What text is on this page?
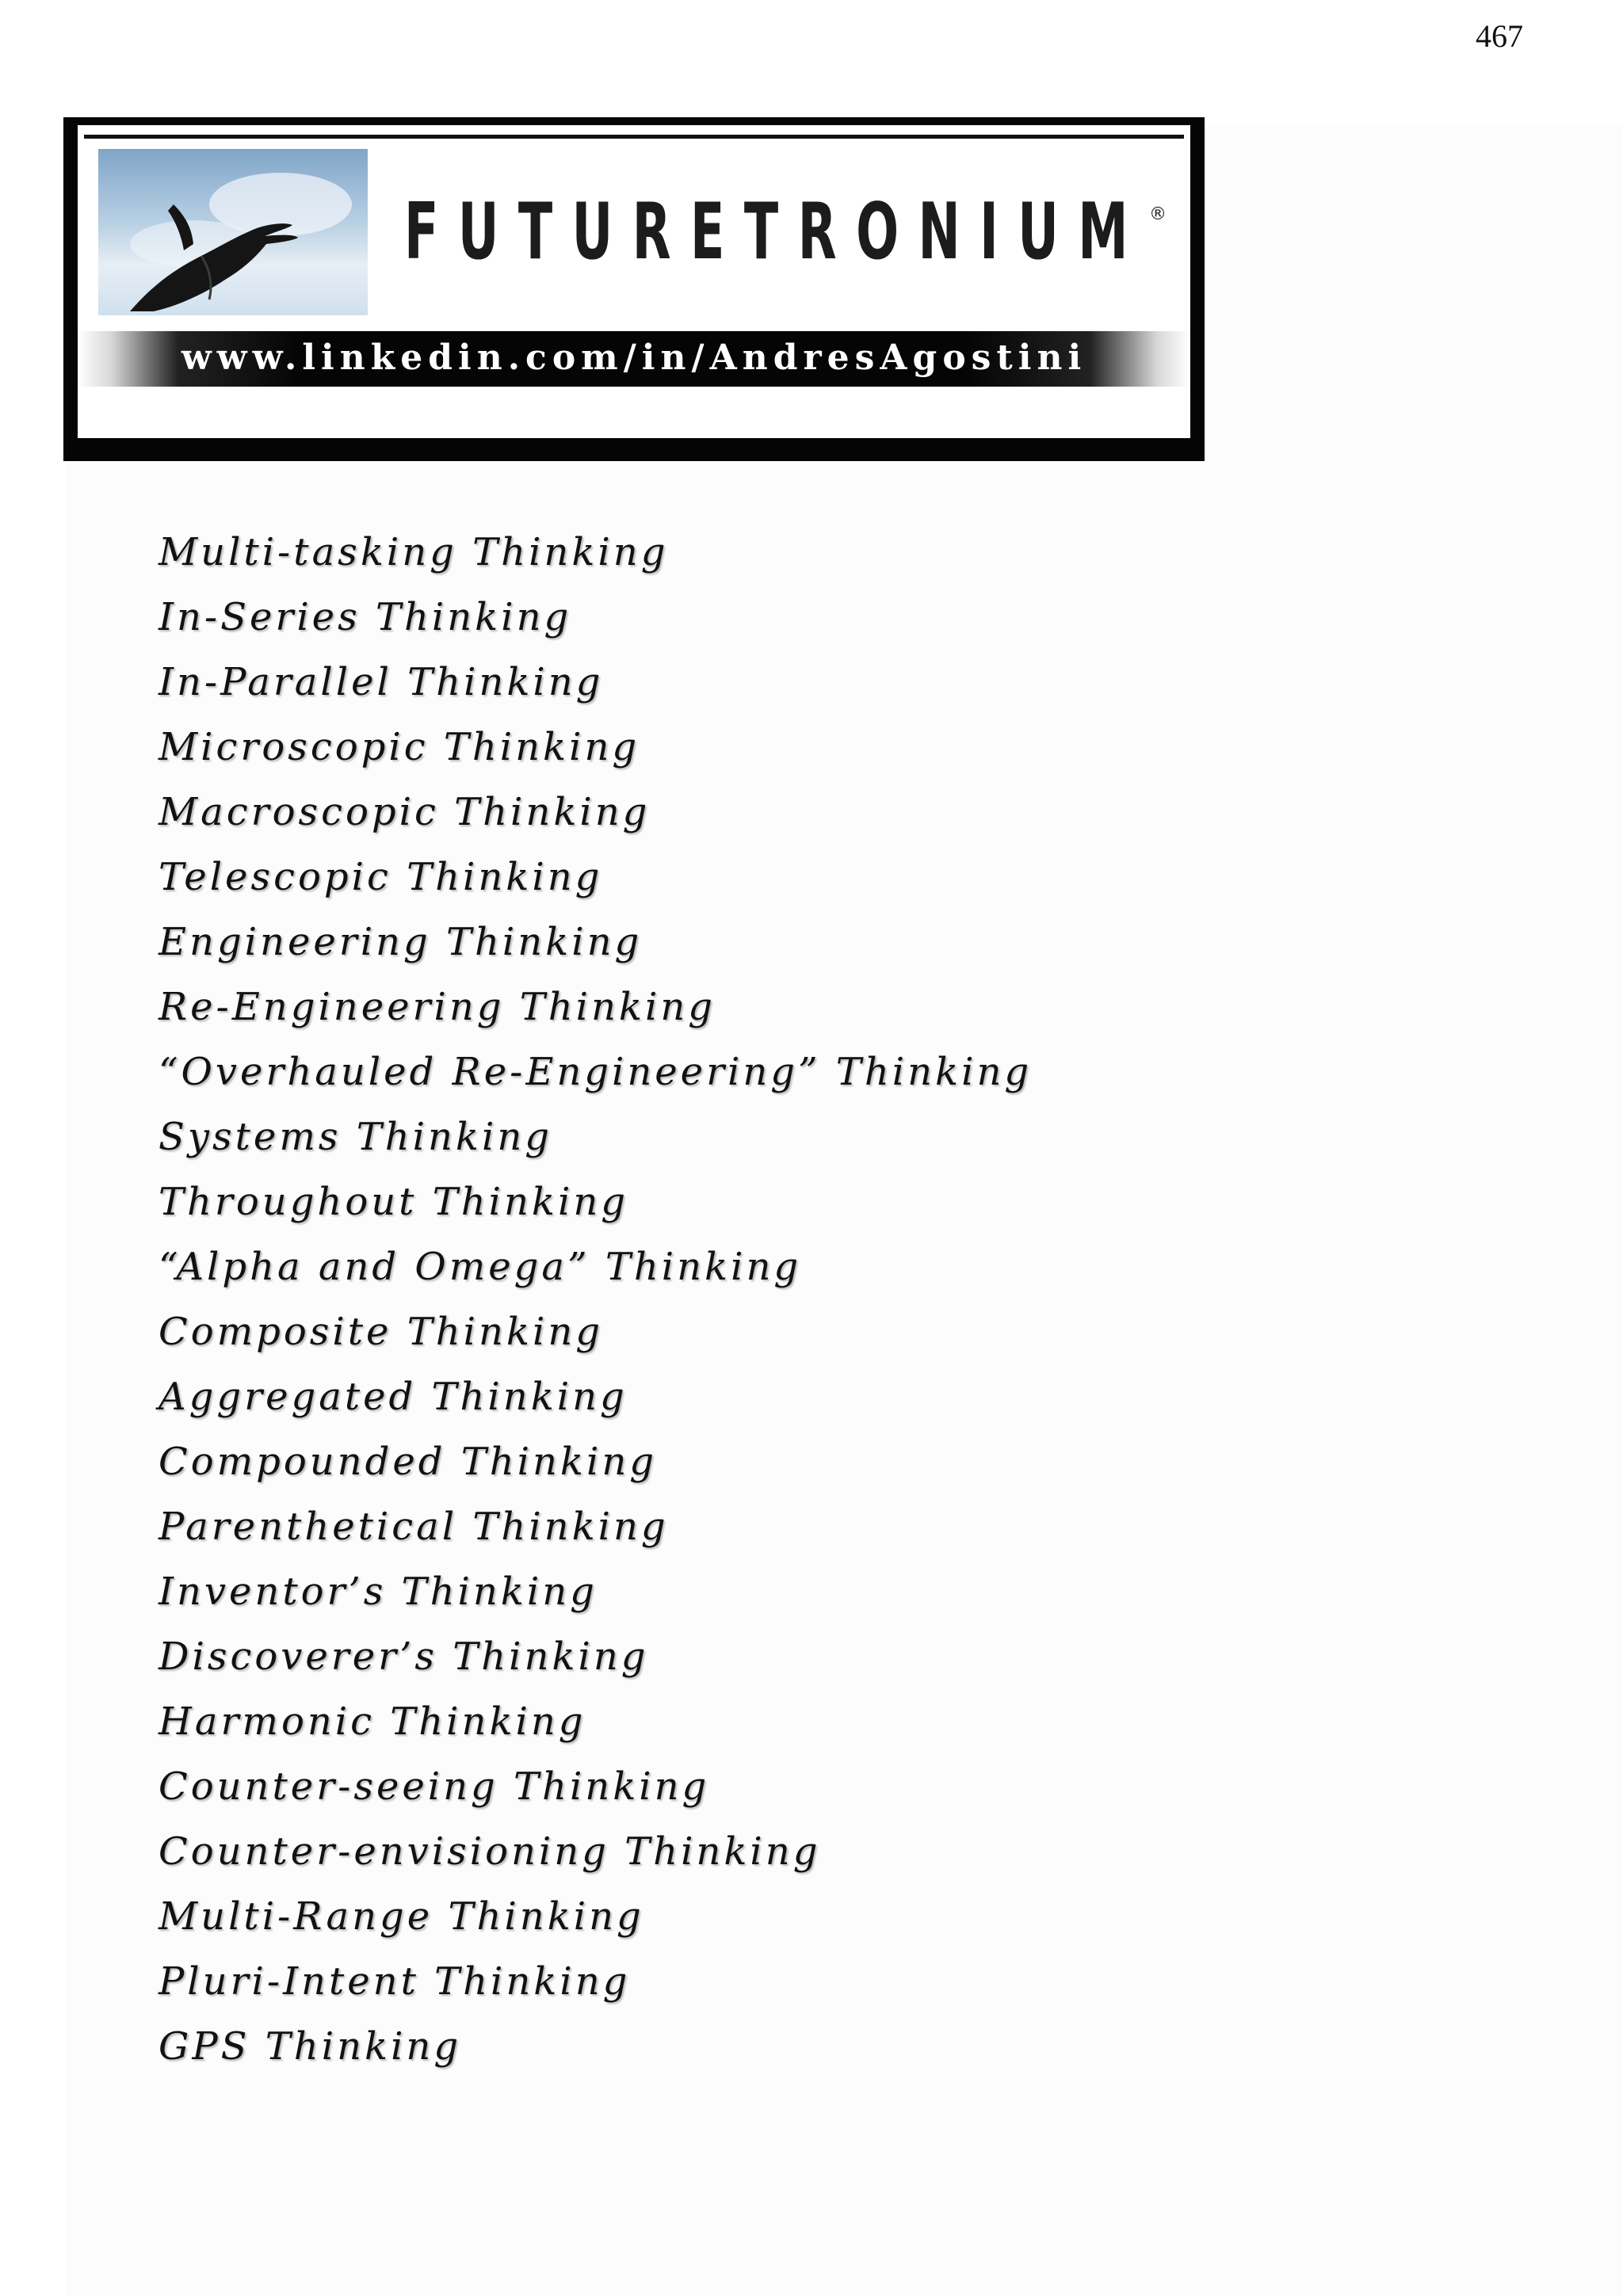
467
FUTURETRONIUM ®
www.linkedin.com/in/AndresAgostini
FUTURETRONIUM, THE BOOK
Multi-tasking Thinking
In-Series Thinking
In-Parallel Thinking
Microscopic Thinking
Macroscopic Thinking
Telescopic Thinking
Engineering Thinking
Re-Engineering Thinking
“Overhauled Re-Engineering” Thinking
Systems Thinking
Throughout Thinking
“Alpha and Omega” Thinking
Composite Thinking
Aggregated Thinking
Compounded Thinking
Parenthetical Thinking
Inventor’s Thinking
Discoverer’s Thinking
Harmonic Thinking
Counter-seeing Thinking
Counter-envisioning Thinking
Multi-Range Thinking
Pluri-Intent Thinking
GPS Thinking
